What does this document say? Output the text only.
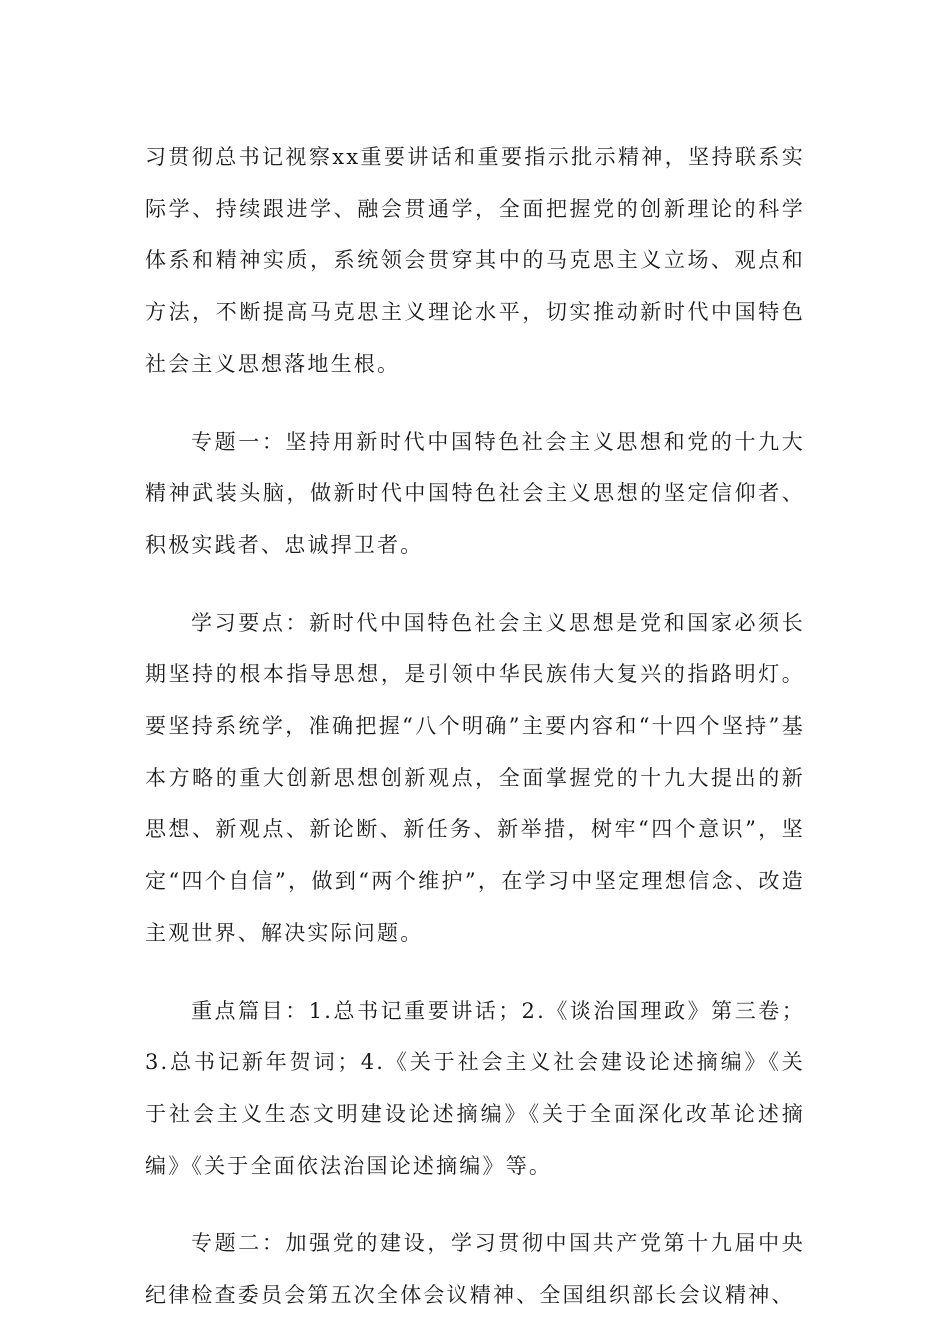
习贯彻总书记视察xx重要讲话和重要指示批示精神，坚持联系实际学、持续跟进学、融会贯通学，全面把握党的创新理论的科学体系和精神实质，系统领会贯穿其中的马克思主义立场、观点和方法，不断提高马克思主义理论水平，切实推动新时代中国特色社会主义思想落地生根。

专题一：坚持用新时代中国特色社会主义思想和党的十九大精神武装头脑，做新时代中国特色社会主义思想的坚定信仰者、积极实践者、忠诚捍卫者。

学习要点：新时代中国特色社会主义思想是党和国家必须长期坚持的根本指导思想，是引领中华民族伟大复兴的指路明灯。要坚持系统学，准确把握“八个明确”主要内容和“十四个坚持”基本方略的重大创新思想创新观点，全面掌握党的十九大提出的新思想、新观点、新论断、新任务、新举措，树牢“四个意识”，坚定“四个自信”，做到“两个维护”，在学习中坚定理想信念、改造主观世界、解决实际问题。

重点篇目：1.总书记重要讲话；2.《谈治国理政》第三卷；3.总书记新年贺词；4.《关于社会主义社会建设论述摘编》《关于社会主义生态文明建设论述摘编》《关于全面深化改革论述摘编》《关于全面依法治国论述摘编》等。

专题二：加强党的建设，学习贯彻中国共产党第十九届中央纪律检查委员会第五次全体会议精神、全国组织部长会议精神、
